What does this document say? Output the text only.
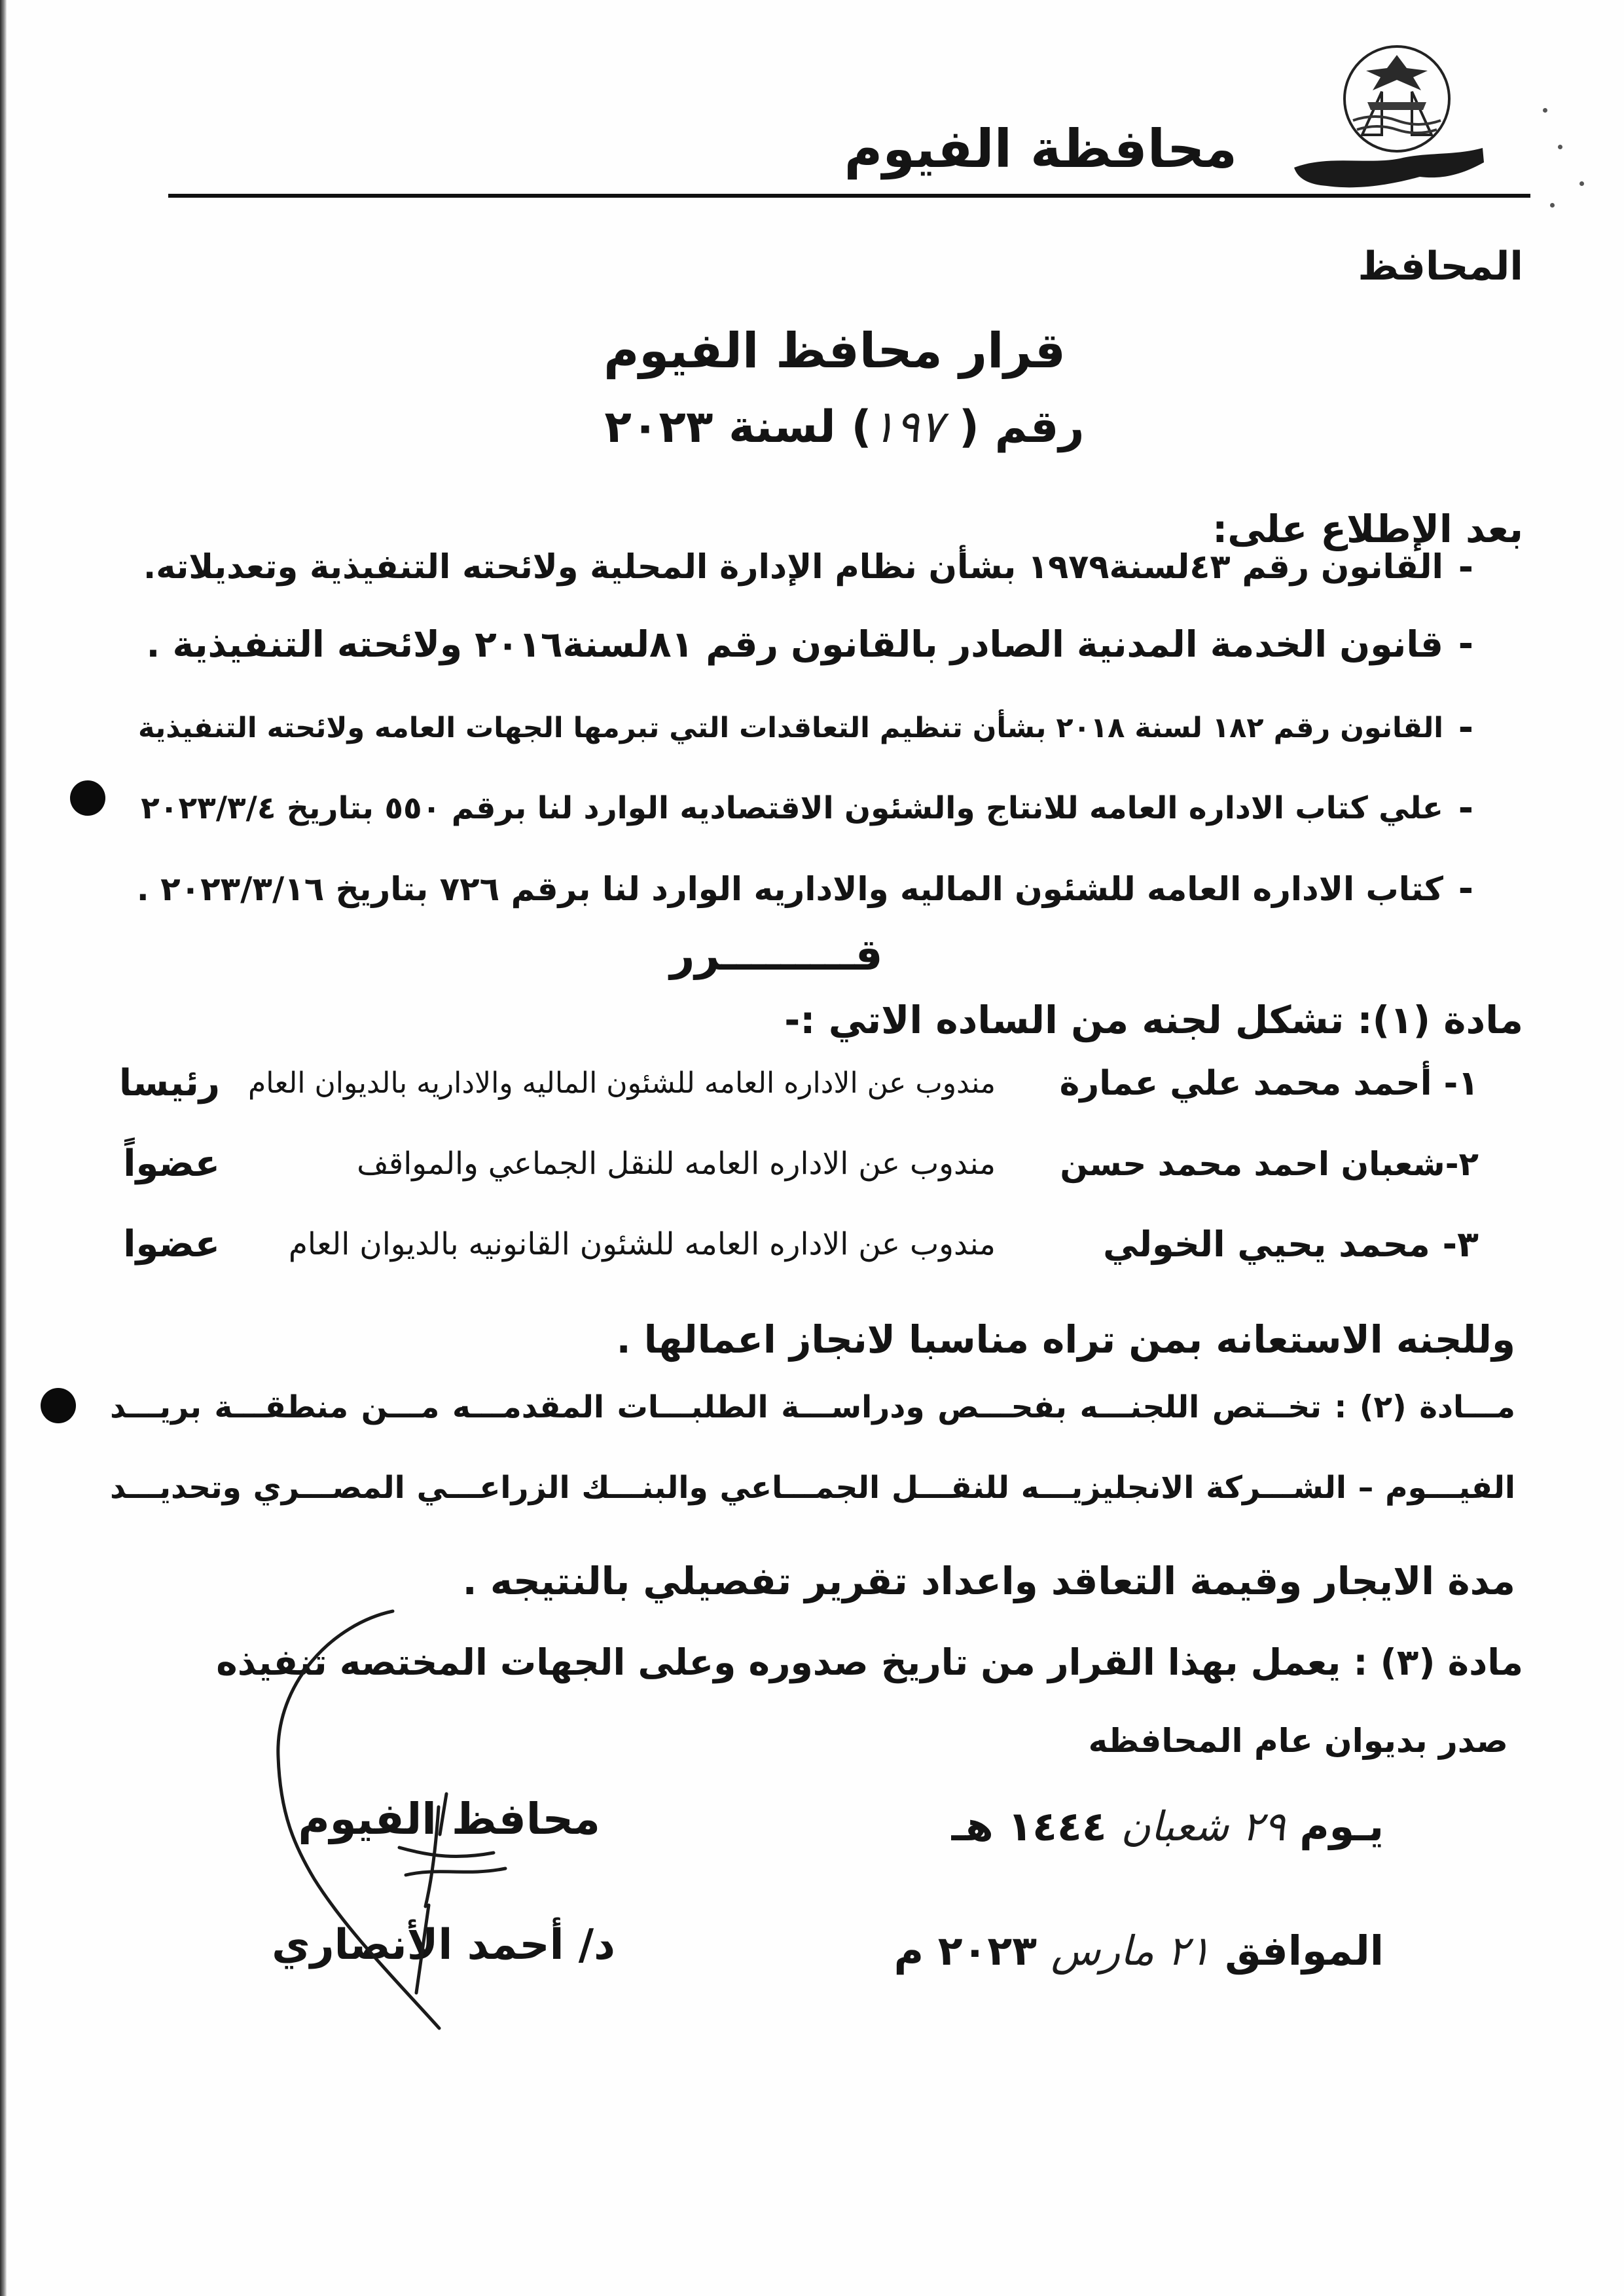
محافظة الفيوم
المحافظ
قرار محافظ الفيوم
رقم ( ١٩٧) لسنة ٢٠٢٣
بعد الإطلاع على:
-
القانون رقم ٤٣لسنة١٩٧٩ بشأن نظام الإدارة المحلية ولائحته التنفيذية وتعديلاته.
-
قانون الخدمة المدنية الصادر بالقانون رقم ٨١لسنة٢٠١٦ ولائحته التنفيذية .
-
القانون رقم ١٨٢ لسنة ٢٠١٨ بشأن تنظيم التعاقدات التي تبرمها الجهات العامه ولائحته التنفيذية
-
علي كتاب الاداره العامه للانتاج والشئون الاقتصاديه الوارد لنا برقم ٥٥٠ بتاريخ ٢٠٢٣/٣/٤
-
كتاب الاداره العامه للشئون الماليه والاداريه الوارد لنا برقم ٧٢٦ بتاريخ ٢٠٢٣/٣/١٦ .
قـــــــــرر
مادة (١): تشكل لجنه من الساده الاتي :-
١- أحمد محمد علي عمارة
مندوب عن الاداره العامه للشئون الماليه والاداريه بالديوان العام
رئيسا
٢-شعبان احمد محمد حسن
مندوب عن الاداره العامه للنقل الجماعي والمواقف
عضواً
٣- محمد يحيي الخولي
مندوب عن الاداره العامه للشئون القانونيه بالديوان العام
عضوا
وللجنه الاستعانه بمن تراه مناسبا لانجاز اعمالها .
مـــادة (٢) : تخــتص اللجنـــه بفحـــص ودراســـة الطلبـــات المقدمـــه مـــن منطقـــة بريـــد
الفيـــوم – الشـــركة الانجليزيـــه للنقـــل الجمـــاعي والبنـــك الزراعـــي المصـــري وتحديـــد
مدة الايجار وقيمة التعاقد واعداد تقرير تفصيلي بالنتيجه .
مادة (٣) : يعمل بهذا القرار من تاريخ صدوره وعلى الجهات المختصه تنفيذه
صدر بديوان عام المحافظه
محافظ الفيوم
د/ أحمد الأنصاري
يـوم ٢٩ شعبان ١٤٤٤ هـ
الموافق ٢١ مارس ٢٠٢٣ م
